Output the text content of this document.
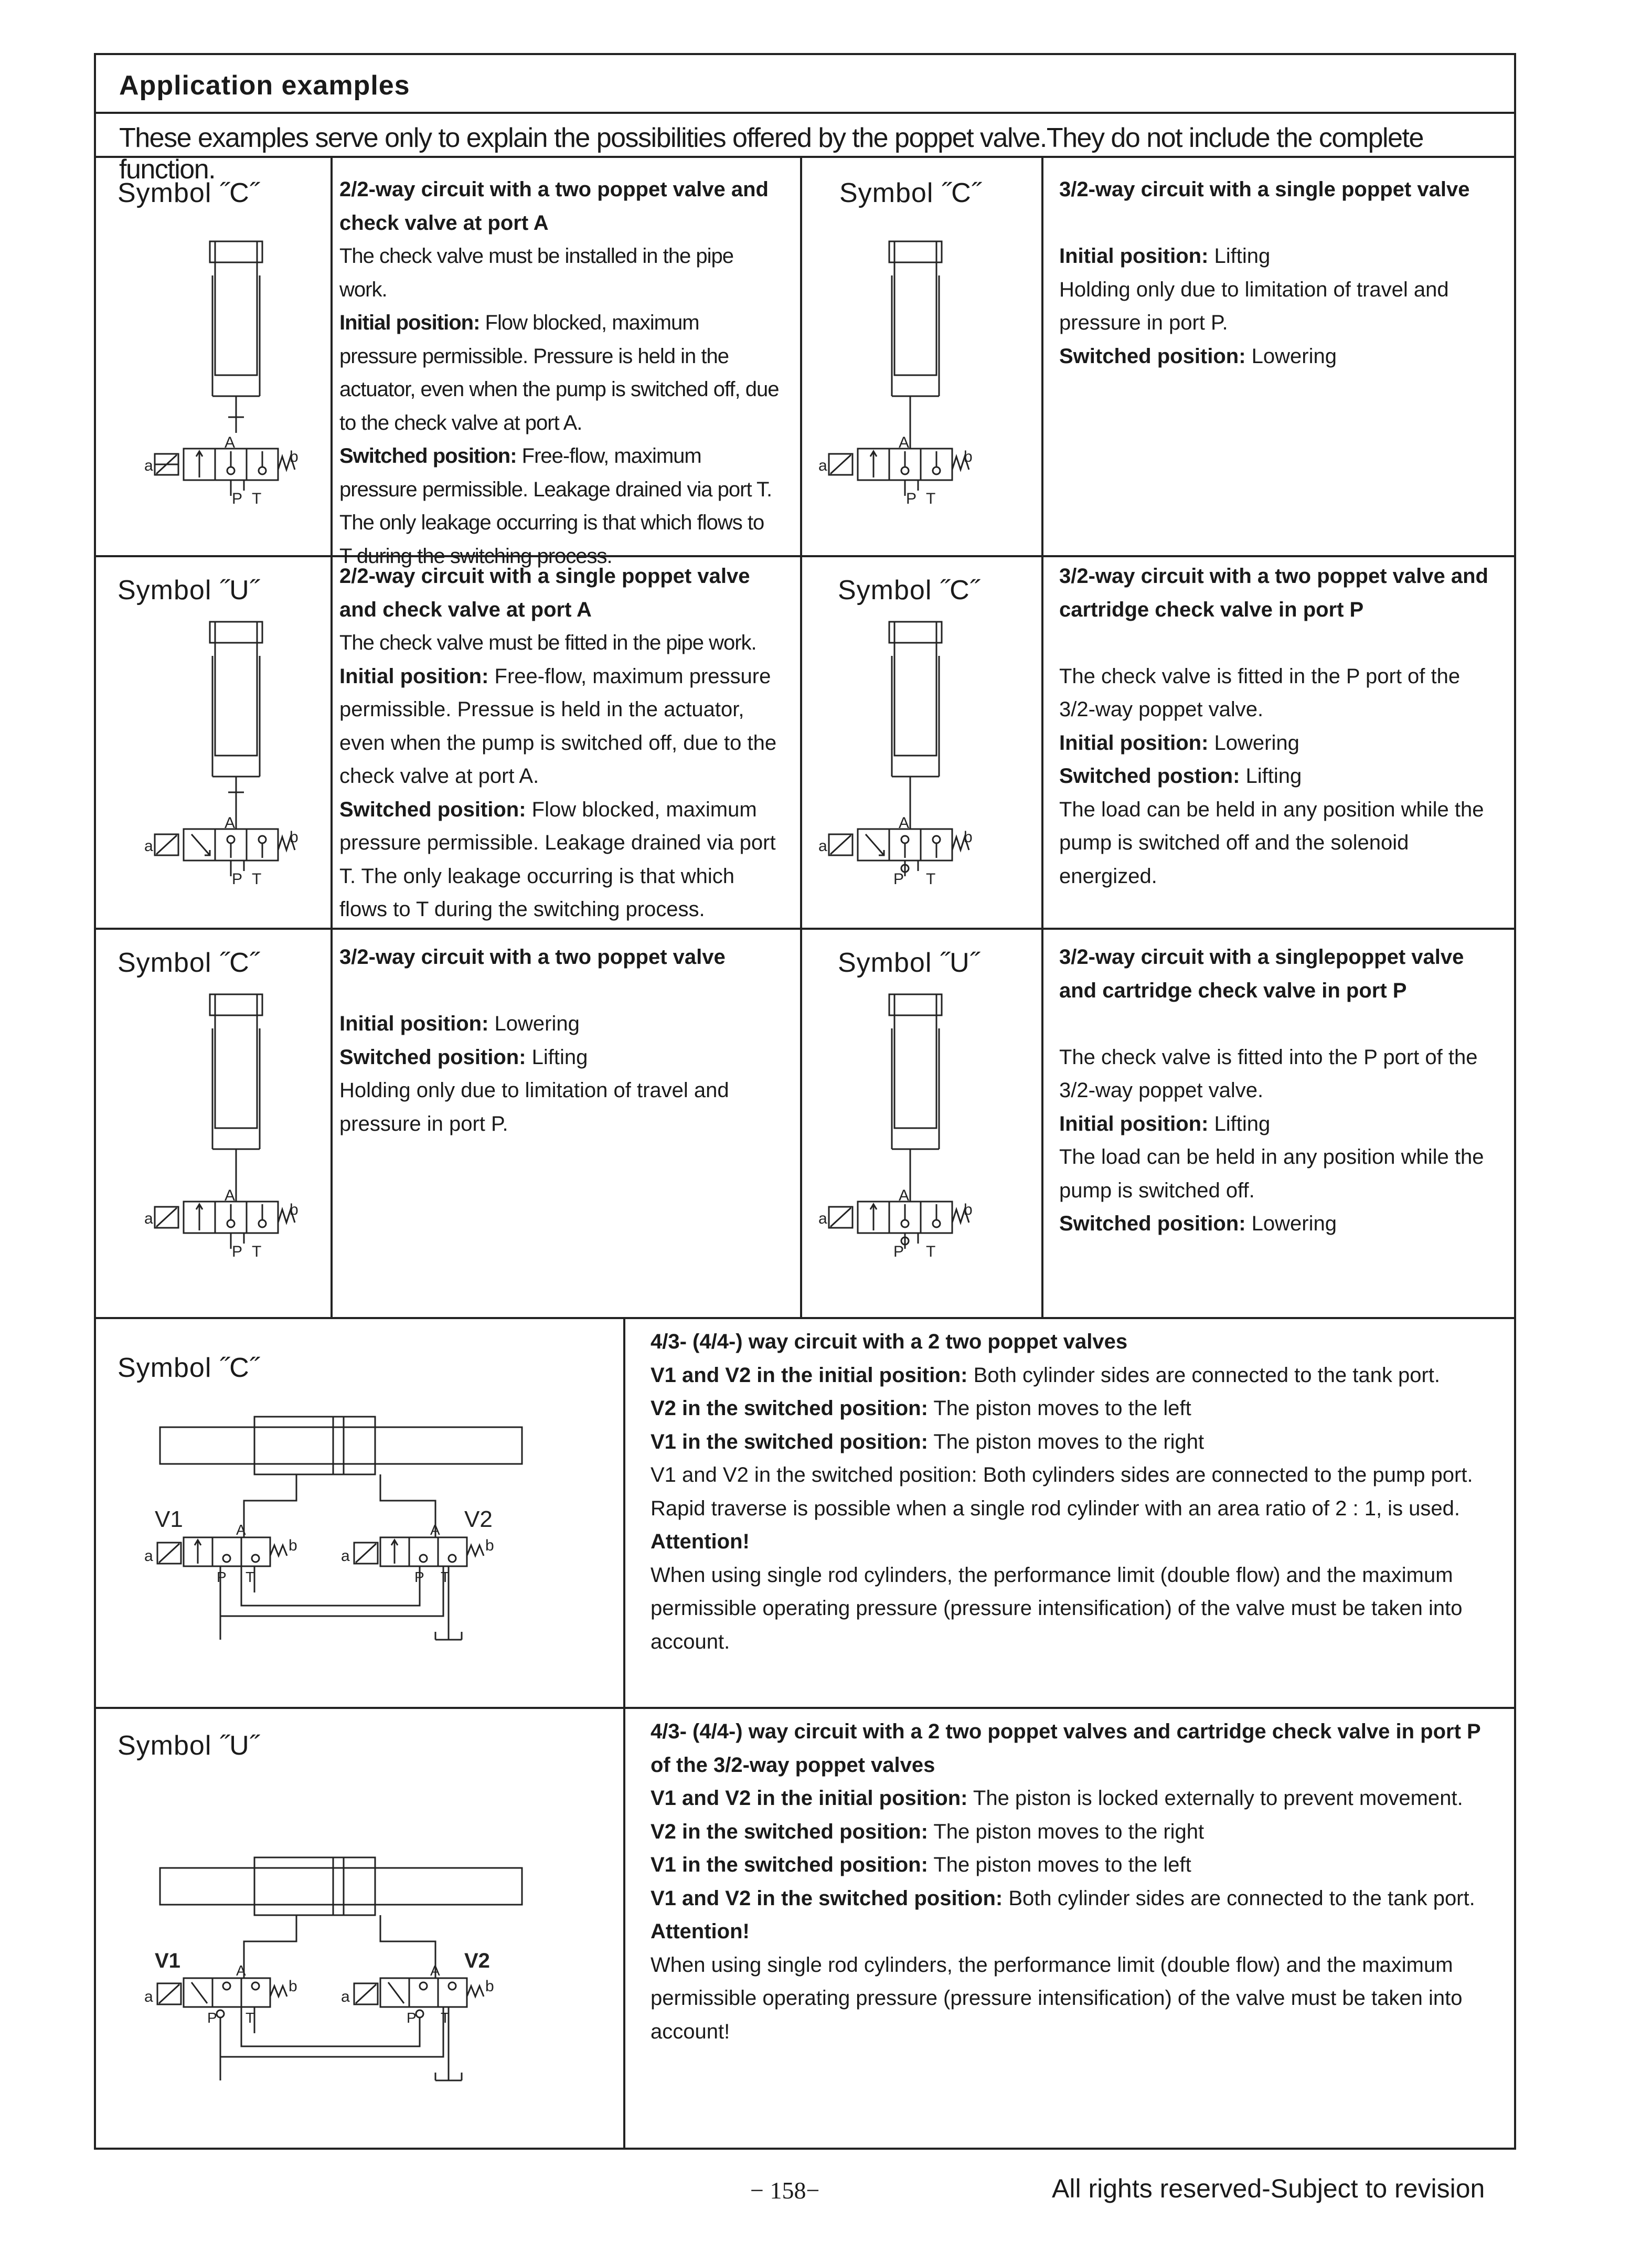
Application examples
These examples serve only to explain the possibilities offered by the poppet valve.They do not include the complete function.
Symbol ˝C˝
a
b
A
P T

2/2-way circuit with a two poppet valve and check valve at port A

The check valve must be installed in the pipe work.

Initial position: Flow blocked, maximum pressure permissible. Pressure is held in the actuator, even when the pump is switched off, due to the check valve at port A.

Switched position: Free-flow, maximum pressure permissible. Leakage drained via port T. The only leakage occurring is that which flows to T during the switching process.

Symbol ˝C˝
a
b
A
P T

3/2-way circuit with a single poppet valve

Initial position: Lifting

Holding only due to limitation of travel and pressure in port P.

Switched position: Lowering

Symbol ˝U˝
a
b
A
P T

2/2-way circuit with a single poppet valve and check valve at port A

The check valve must be fitted in the pipe work.

Initial position: Free-flow, maximum pressure permissible. Pressue is held in the actuator, even when the pump is switched off, due to the check valve at port A.

Switched position: Flow blocked, maximum pressure permissible. Leakage drained via port T. The only leakage occurring is that which flows to T during the switching process.

Symbol ˝C˝
a
b
A
P T

3/2-way circuit with a two poppet valve and cartridge check valve in port P

The check valve is fitted in the P port of the 3/2-way poppet valve.

Initial position: Lowering

Switched postion: Lifting

The load can be held in any position while the pump is switched off and the solenoid energized.

Symbol ˝C˝
a
b
A
P T

3/2-way circuit with a two poppet valve

Initial position: Lowering

Switched position: Lifting

Holding only due to limitation of travel and pressure in port P.

Symbol ˝U˝
a
b
A
P T

3/2-way circuit with a singlepoppet valve and cartridge check valve in port P

The check valve is fitted into the P port of the 3/2-way poppet valve.

Initial position: Lifting

The load can be held in any position while the pump is switched off.

Switched position: Lowering

Symbol ˝C˝
V1	V2
a
b
a
b
A	A
P T	P T

4/3- (4/4-) way circuit with a 2 two poppet valves

V1 and V2 in the initial position: Both cylinder sides are connected to the tank port.

V2 in the switched position: The piston moves to the left

V1 in the switched position: The piston moves to the right

V1 and V2 in the switched position: Both cylinders sides are connected to the pump port.

Rapid traverse is possible when a single rod cylinder with an area ratio of 2 : 1, is used.

Attention!

When using single rod cylinders, the performance limit (double flow) and the maximum permissible operating pressure (pressure intensification) of the valve must be taken into account.

Symbol ˝U˝
V1	V2
a
b
a
b
A	A
P T	P T

4/3- (4/4-) way circuit with a 2 two poppet valves and cartridge check valve in port P of the 3/2-way poppet valves

V1 and V2 in the initial position: The piston is locked externally to prevent movement.

V2 in the switched position: The piston moves to the right

V1 in the switched position: The piston moves to the left

V1 and V2 in the switched position: Both cylinder sides are connected to the tank port.

Attention!

When using single rod cylinders, the performance limit (double flow) and the maximum permissible operating pressure (pressure intensification) of the valve must be taken into account!

− 158−	All rights reserved-Subject to revision
